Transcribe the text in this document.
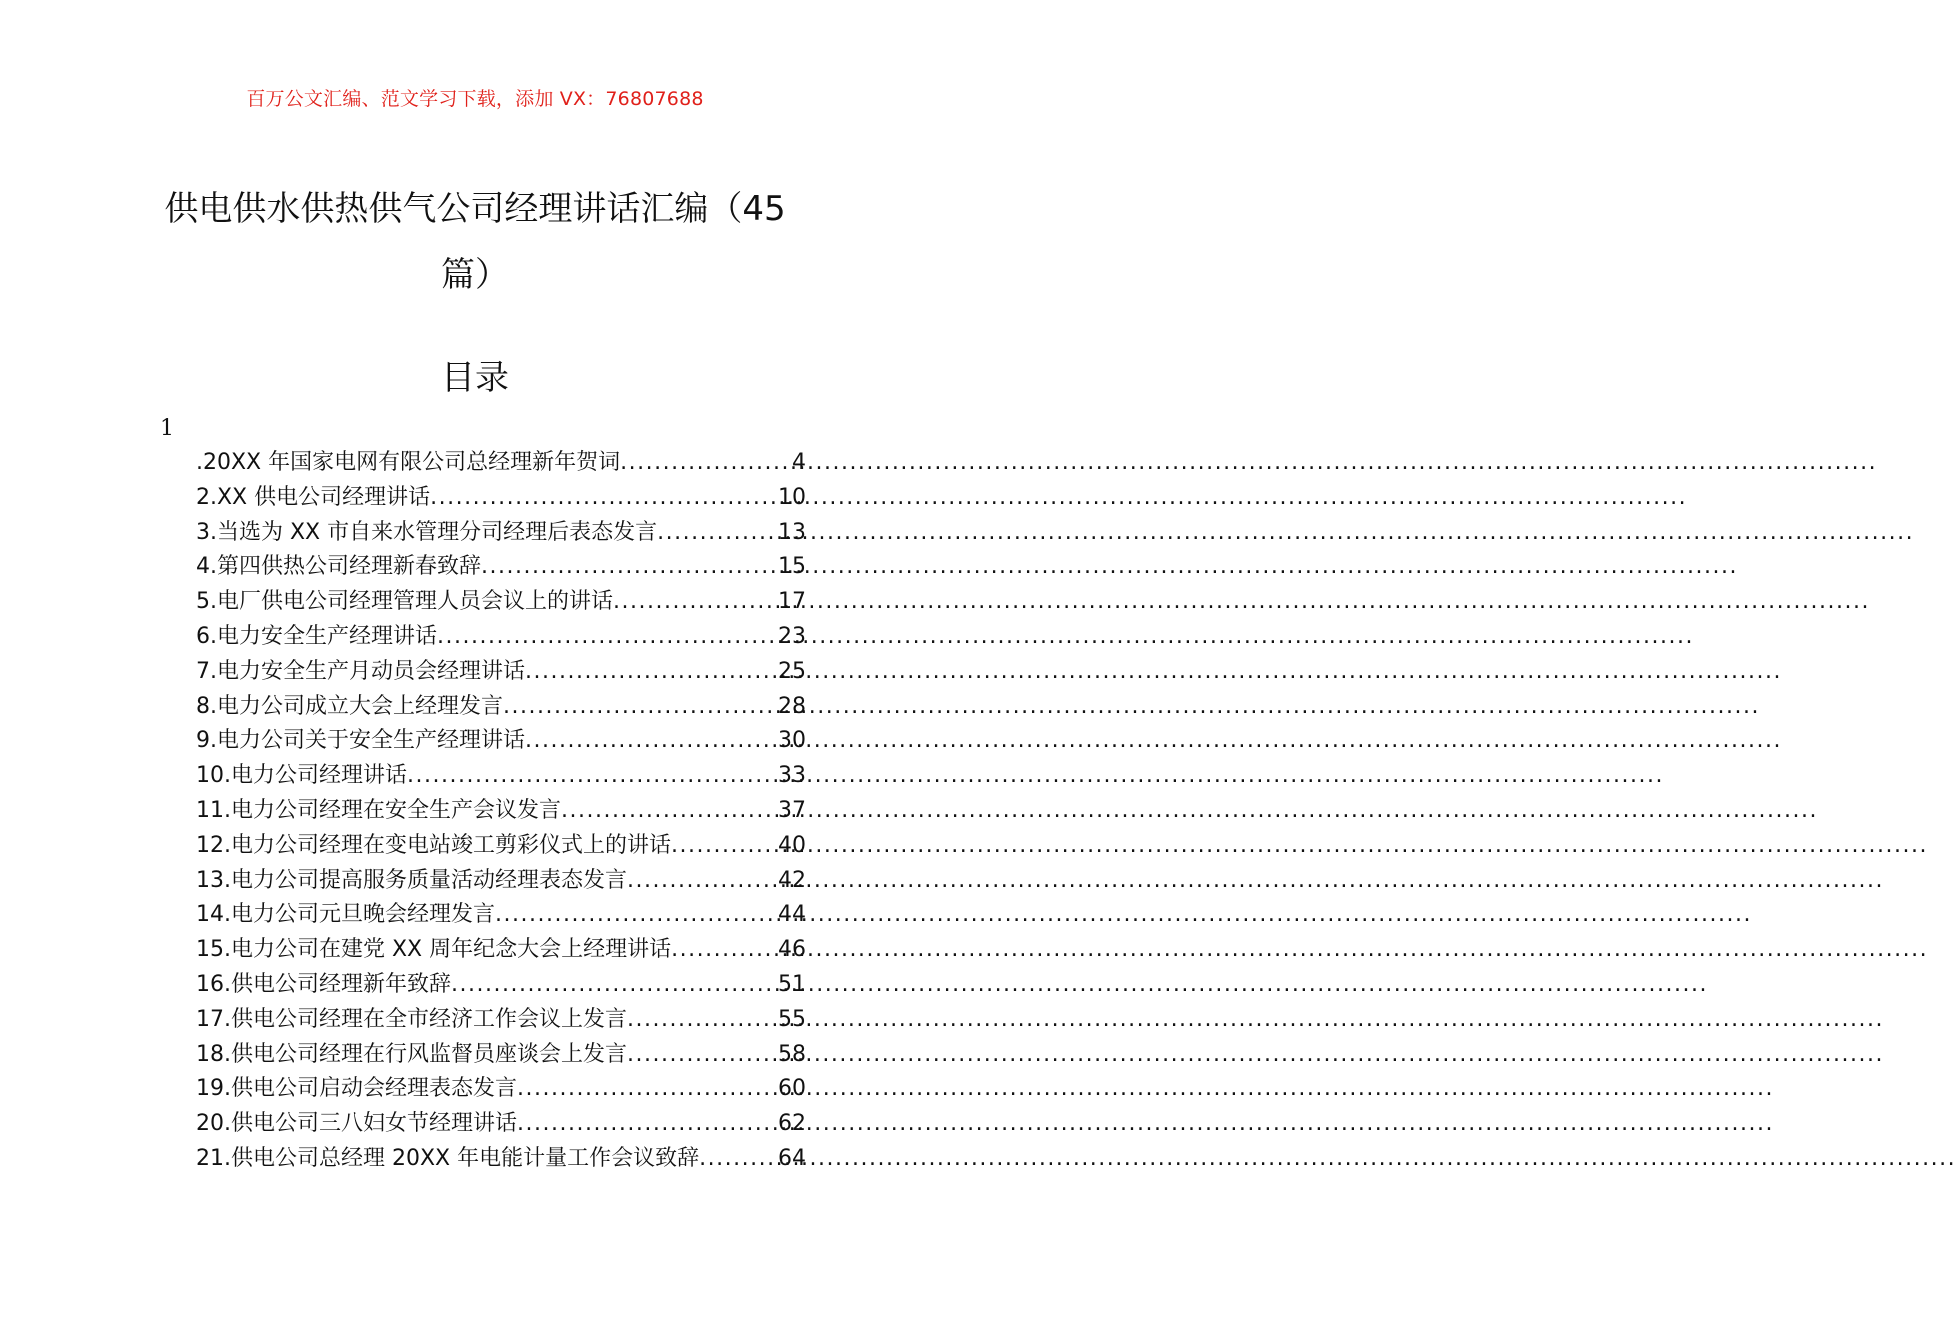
百万公文汇编、范文学习下载，添加 VX：76807688
供电供水供热供气公司经理讲话汇编（45 篇）
目录
1
.20XX 年国家电网有限公司总经理新年贺词 .....	4
2.XX 供电公司经理讲话 .....	10
3.当选为 XX 市自来水管理分司经理后表态发言 .....	13
4.第四供热公司经理新春致辞 .....	15
5.电厂供电公司经理管理人员会议上的讲话 .....	17
6.电力安全生产经理讲话 .....	23
7.电力安全生产月动员会经理讲话 .....	25
8.电力公司成立大会上经理发言 .....	28
9.电力公司关于安全生产经理讲话 .....	30
10.电力公司经理讲话 .....	33
11.电力公司经理在安全生产会议发言 .....	37
12.电力公司经理在变电站竣工剪彩仪式上的讲话 .....	40
13.电力公司提高服务质量活动经理表态发言 .....	42
14.电力公司元旦晚会经理发言 .....	44
15.电力公司在建党 XX 周年纪念大会上经理讲话 .....	46
16.供电公司经理新年致辞 .....	51
17.供电公司经理在全市经济工作会议上发言 .....	55
18.供电公司经理在行风监督员座谈会上发言 .....	58
19.供电公司启动会经理表态发言 .....	60
20.供电公司三八妇女节经理讲话 .....	62
21.供电公司总经理 20XX 年电能计量工作会议致辞 .....	64
